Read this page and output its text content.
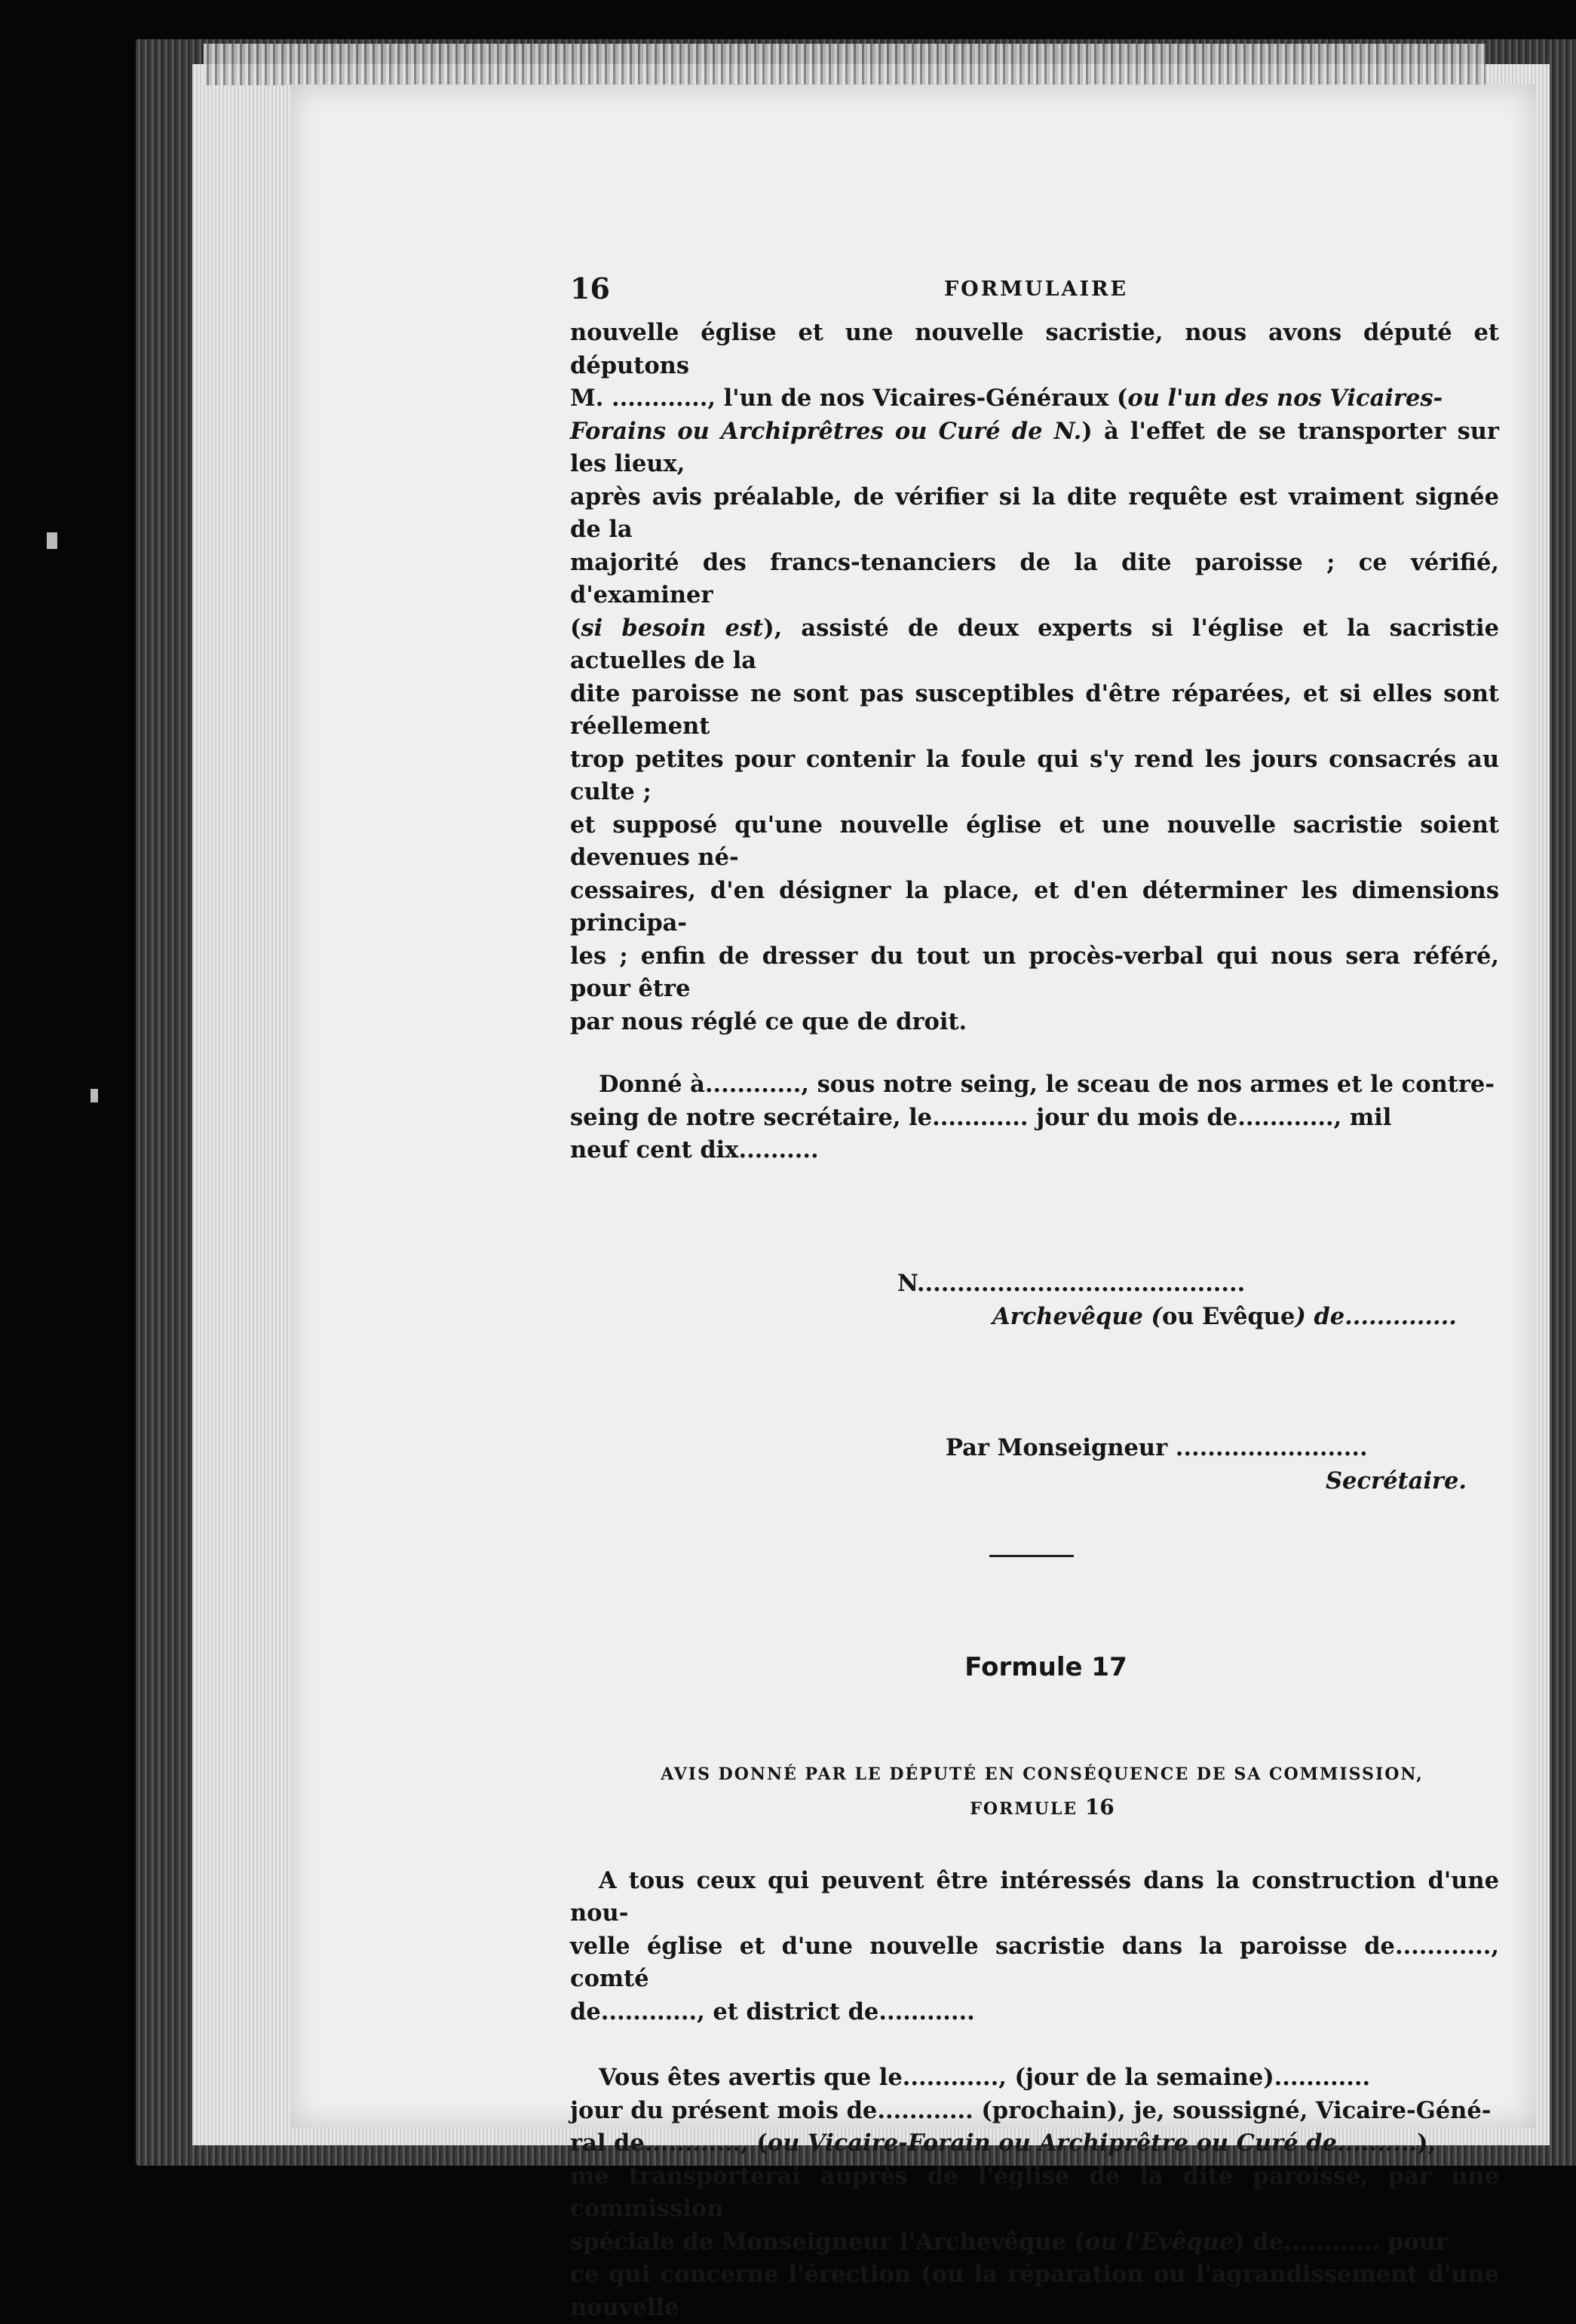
16	FORMULAIRE

nouvelle église et une nouvelle sacristie, nous avons député et députons
M. ............, l'un de nos Vicaires-Généraux (ou l'un des nos Vicaires-
Forains ou Archiprêtres ou Curé de N.) à l'effet de se transporter sur les lieux,
après avis préalable, de vérifier si la dite requête est vraiment signée de la
majorité des francs-tenanciers de la dite paroisse ; ce vérifié, d'examiner
(si besoin est), assisté de deux experts si l'église et la sacristie actuelles de la
dite paroisse ne sont pas susceptibles d'être réparées, et si elles sont réellement
trop petites pour contenir la foule qui s'y rend les jours consacrés au culte ;
et supposé qu'une nouvelle église et une nouvelle sacristie soient devenues né-
cessaires, d'en désigner la place, et d'en déterminer les dimensions principa-
les ; enfin de dresser du tout un procès-verbal qui nous sera référé, pour être
par nous réglé ce que de droit.

Donné à............, sous notre seing, le sceau de nos armes et le contre-
seing de notre secrétaire, le............ jour du mois de............, mil
neuf cent dix..........

N.........................................
Archevêque (ou Evêque) de..............
Par Monseigneur ........................
Secrétaire.
Formule 17
AVIS DONNÉ PAR LE DÉPUTÉ EN CONSÉQUENCE DE SA COMMISSION,
FORMULE 16

A tous ceux qui peuvent être intéressés dans la construction d'une nou-
velle église et d'une nouvelle sacristie dans la paroisse de............, comté
de............, et district de............

Vous êtes avertis que le............, (jour de la semaine)............
jour du présent mois de............ (prochain), je, soussigné, Vicaire-Géné-
ral de............, (ou Vicaire-Forain ou Archiprêtre ou Curé de..........),
me transporterai auprès de l'église de la dite paroisse, par une commission
spéciale de Monseigneur l'Archevêque (ou l'Evêque) de............ pour
ce qui concerne l'érection (ou la réparation ou l'agrandissement d'une nouvelle
